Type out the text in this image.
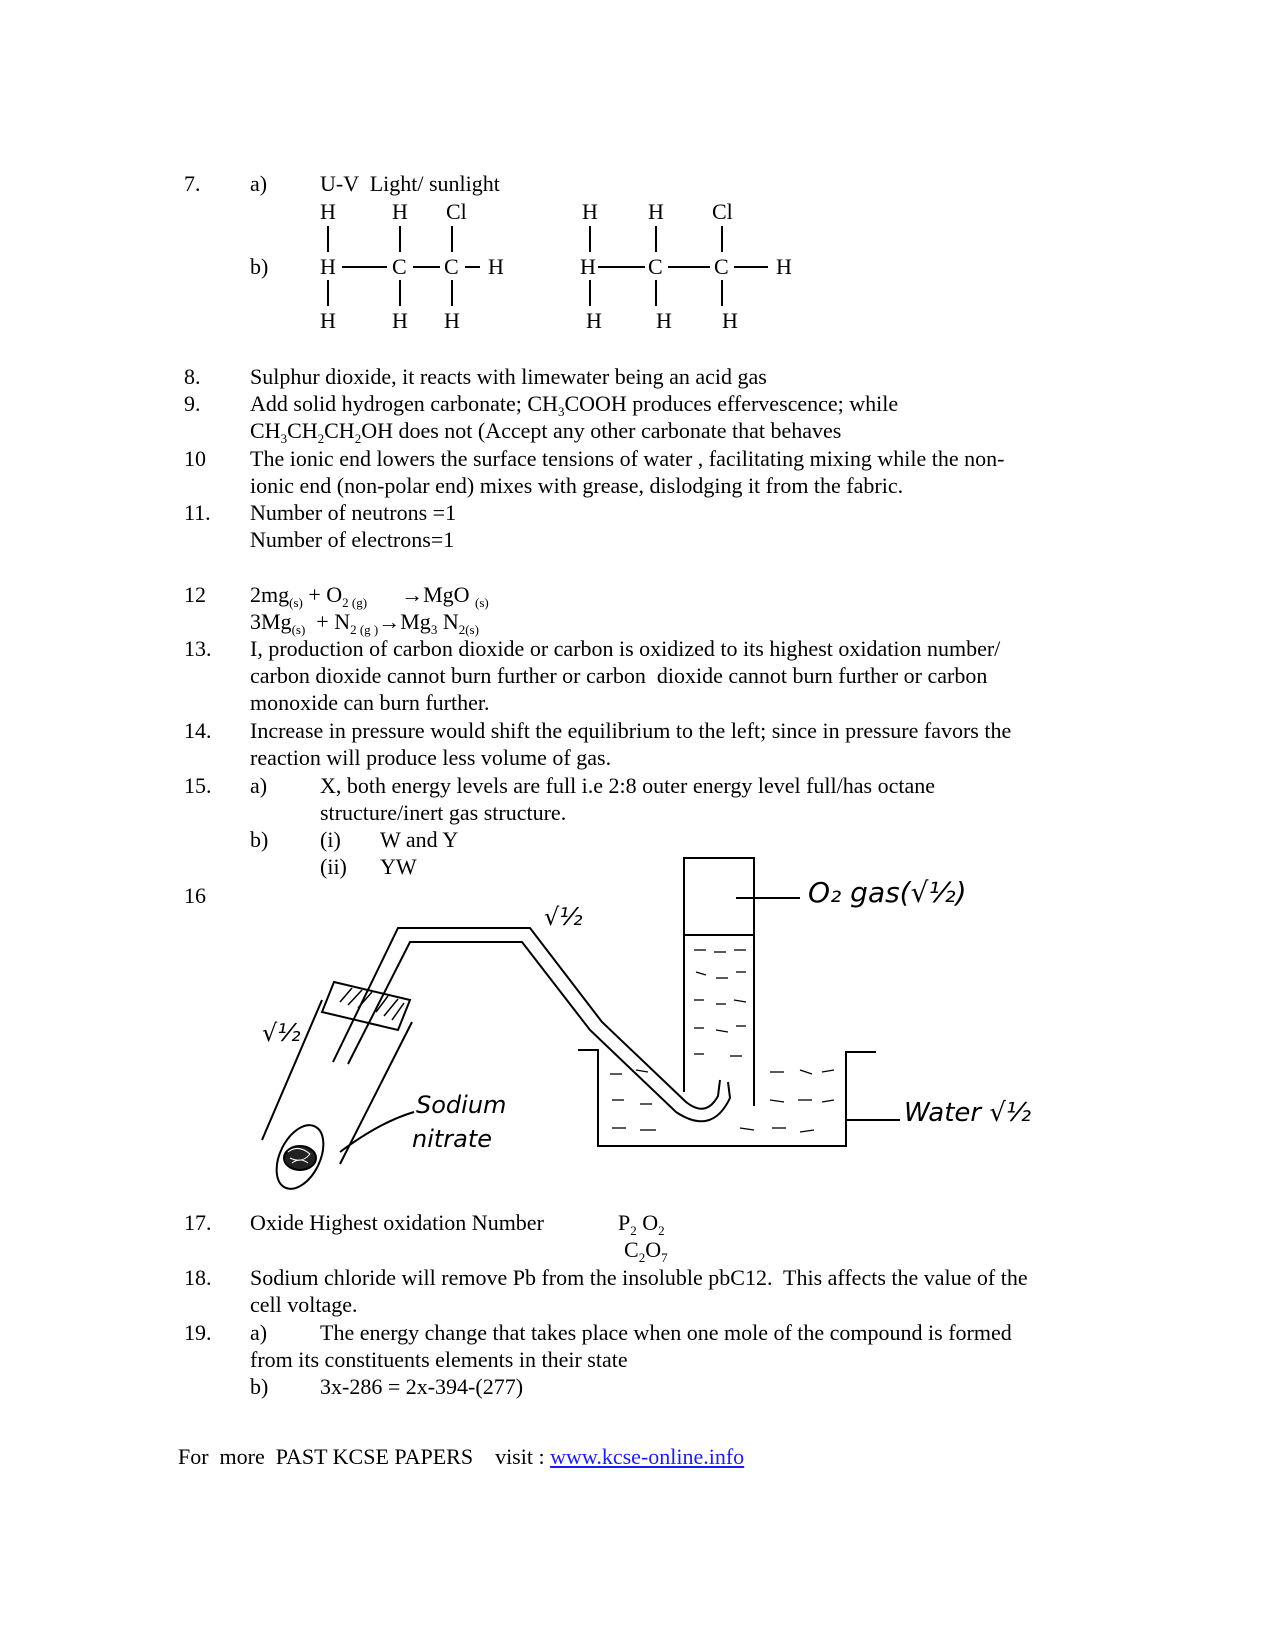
7. a) U-V  Light/ sunlight
b)
H	H Cl
H	C C H
H	H H
H H Cl
H C C H
H H H
8. Sulphur dioxide, it reacts with limewater being an acid gas
9. Add solid hydrogen carbonate; $CH_3COOH$ produces effervescence; while
$CH_3CH_2CH_2OH$ does not (Accept any other carbonate that behaves
10 The ionic end lowers the surface tensions of water , facilitating mixing while the non-
ionic end (non-polar end) mixes with grease, dislodging it from the fabric.
11. Number of neutrons =1
Number of electrons=1
12 $2mg_{(s)} + O_{2 (g)} \to MgO$ $_{(s)}$
$3Mg_{(s)} + N_{2 (g )}\to Mg_3$ $N_{2(s)}$
13. I, production of carbon dioxide or carbon is oxidized to its highest oxidation number/
carbon dioxide cannot burn further or carbon  dioxide cannot burn further or carbon
monoxide can burn further.
14. Increase in pressure would shift the equilibrium to the left; since in pressure favors the
reaction will produce less volume of gas.
15. a) X, both energy levels are full i.e 2:8 outer energy level full/has octane
structure/inert gas structure.
b) (i) W and Y
(ii) YW
16
√½
√½
O₂ gas(√½)
Water √½
Sodium
nitrate
17. Oxide Highest oxidation Number	$P_2$ $O_2$
$C_2O_7$
18. Sodium chloride will remove Pb from the insoluble pbC12.  This affects the value of the
cell voltage.
19. a) The energy change that takes place when one mole of the compound is formed
from its constituents elements in their state
b) 3x-286 = 2x-394-(277)
For  more  PAST KCSE PAPERS    visit : www.kcse-online.info
